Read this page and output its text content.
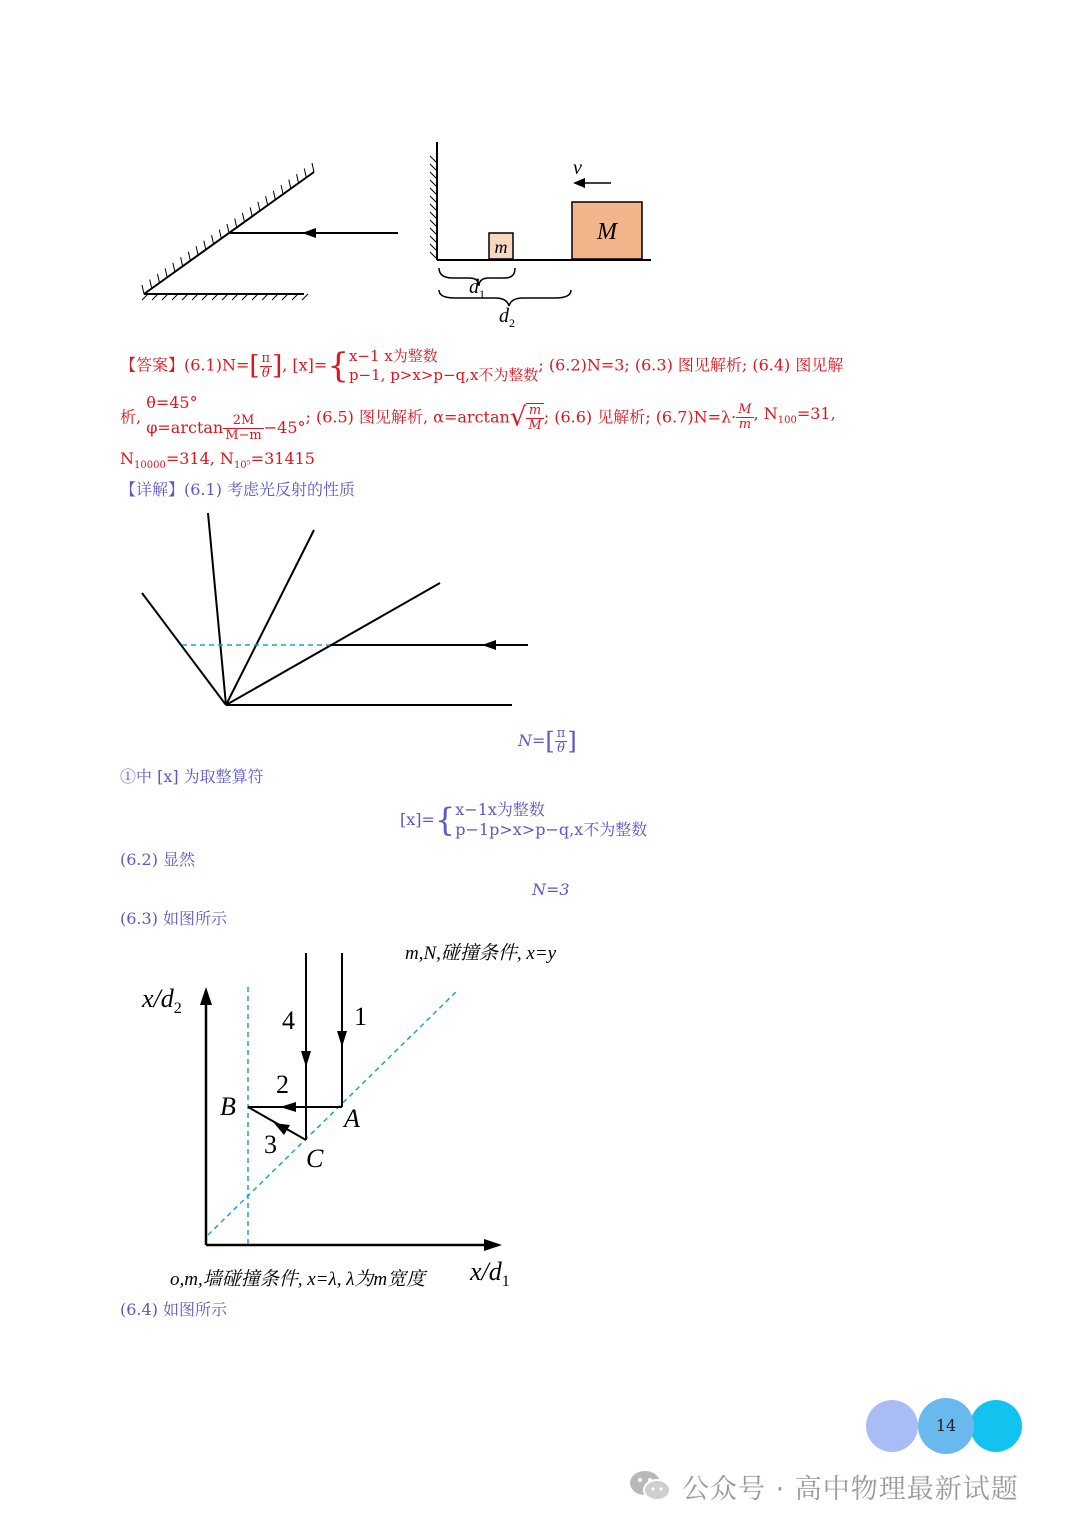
m
M
v
$d_1$
$d_2$
【答案】$(6.1)N=[ \frac{\pi}{\theta}$ ], [x]={ x−1 x为整数
p−1, p>x>p−q,x不为整数
; (6.2)N=3; (6.3) 图见解析; (6.4) 图见解
析,
θ=45°
$\varphi=\arctan \frac{2M}{M-m} -45^\circ$
; (6.5) 图见解析, $\alpha=\arctan√ \frac{m}{M}$ ; (6.6) 见解析; $(6.7)N=\lambda\cdot \frac{M}{m}$ , $N_{100}=31$,
$N_{10000}=314$, $N_{10^5}=31415$
【详解】(6.1) 考虑光反射的性质
$N=[ \frac{\pi}{\theta}$ ]
①中 [x] 为取整算符
[x]={ x−1x为整数
p−1p>x>p−q,x不为整数
(6.2) 显然
N=3
(6.3) 如图所示
m,N,碰撞条件, x=y
$x/d_2$
$x/d_1$
o,m,墙碰撞条件, x=λ, λ为m宽度
1
4
2
3
A
B
C
(6.4) 如图所示
14
公众号 · 高中物理最新试题
